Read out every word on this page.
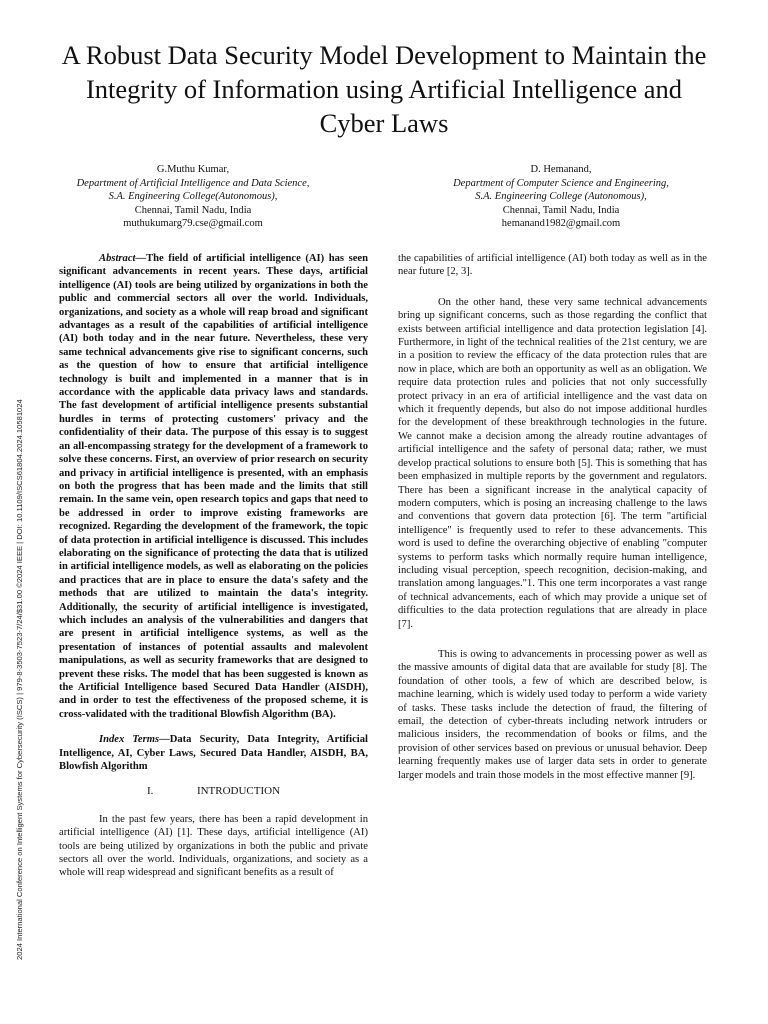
2024 International Conference on Intelligent Systems for Cybersecurity (ISCS) | 979-8-3503-7523-7/24/$31.00 ©2024 IEEE | DOI: 10.1109/ISCS61804.2024.10581024
A Robust Data Security Model Development to Maintain the Integrity of Information using Artificial Intelligence and Cyber Laws
G.Muthu Kumar,
Department of Artificial Intelligence and Data Science,
S.A. Engineering College(Autonomous),
Chennai, Tamil Nadu, India
muthukumarg79.cse@gmail.com
D. Hemanand,
Department of Computer Science and Engineering,
S.A. Engineering College (Autonomous),
Chennai, Tamil Nadu, India
hemanand1982@gmail.com

Abstract—The field of artificial intelligence (AI) has seen significant advancements in recent years. These days, artificial intelligence (AI) tools are being utilized by organizations in both the public and commercial sectors all over the world. Individuals, organizations, and society as a whole will reap broad and significant advantages as a result of the capabilities of artificial intelligence (AI) both today and in the near future. Nevertheless, these very same technical advancements give rise to significant concerns, such as the question of how to ensure that artificial intelligence technology is built and implemented in a manner that is in accordance with the applicable data privacy laws and standards. The fast development of artificial intelligence presents substantial hurdles in terms of protecting customers' privacy and the confidentiality of their data. The purpose of this essay is to suggest an all-encompassing strategy for the development of a framework to solve these concerns. First, an overview of prior research on security and privacy in artificial intelligence is presented, with an emphasis on both the progress that has been made and the limits that still remain. In the same vein, open research topics and gaps that need to be addressed in order to improve existing frameworks are recognized. Regarding the development of the framework, the topic of data protection in artificial intelligence is discussed. This includes elaborating on the significance of protecting the data that is utilized in artificial intelligence models, as well as elaborating on the policies and practices that are in place to ensure the data's safety and the methods that are utilized to maintain the data's integrity. Additionally, the security of artificial intelligence is investigated, which includes an analysis of the vulnerabilities and dangers that are present in artificial intelligence systems, as well as the presentation of instances of potential assaults and malevolent manipulations, as well as security frameworks that are designed to prevent these risks. The model that has been suggested is known as the Artificial Intelligence based Secured Data Handler (AISDH), and in order to test the effectiveness of the proposed scheme, it is cross-validated with the traditional Blowfish Algorithm (BA).

Index Terms—Data Security, Data Integrity, Artificial Intelligence, AI, Cyber Laws, Secured Data Handler, AISDH, BA, Blowfish Algorithm

I.	INTRODUCTION

In the past few years, there has been a rapid development in artificial intelligence (AI) [1]. These days, artificial intelligence (AI) tools are being utilized by organizations in both the public and private sectors all over the world. Individuals, organizations, and society as a whole will reap widespread and significant benefits as a result of

the capabilities of artificial intelligence (AI) both today as well as in the near future [2, 3].

On the other hand, these very same technical advancements bring up significant concerns, such as those regarding the conflict that exists between artificial intelligence and data protection legislation [4]. Furthermore, in light of the technical realities of the 21st century, we are in a position to review the efficacy of the data protection rules that are now in place, which are both an opportunity as well as an obligation. We require data protection rules and policies that not only successfully protect privacy in an era of artificial intelligence and the vast data on which it frequently depends, but also do not impose additional hurdles for the development of these breakthrough technologies in the future. We cannot make a decision among the already routine advantages of artificial intelligence and the safety of personal data; rather, we must develop practical solutions to ensure both [5]. This is something that has been emphasized in multiple reports by the government and regulators. There has been a significant increase in the analytical capacity of modern computers, which is posing an increasing challenge to the laws and conventions that govern data protection [6]. The term "artificial intelligence" is frequently used to refer to these advancements. This word is used to define the overarching objective of enabling "computer systems to perform tasks which normally require human intelligence, including visual perception, speech recognition, decision-making, and translation among languages."1. This one term incorporates a vast range of technical advancements, each of which may provide a unique set of difficulties to the data protection regulations that are already in place [7].

This is owing to advancements in processing power as well as the massive amounts of digital data that are available for study [8]. The foundation of other tools, a few of which are described below, is machine learning, which is widely used today to perform a wide variety of tasks. These tasks include the detection of fraud, the filtering of email, the detection of cyber-threats including network intruders or malicious insiders, the recommendation of books or films, and the provision of other services based on previous or unusual behavior. Deep learning frequently makes use of larger data sets in order to generate larger models and train those models in the most effective manner [9].
